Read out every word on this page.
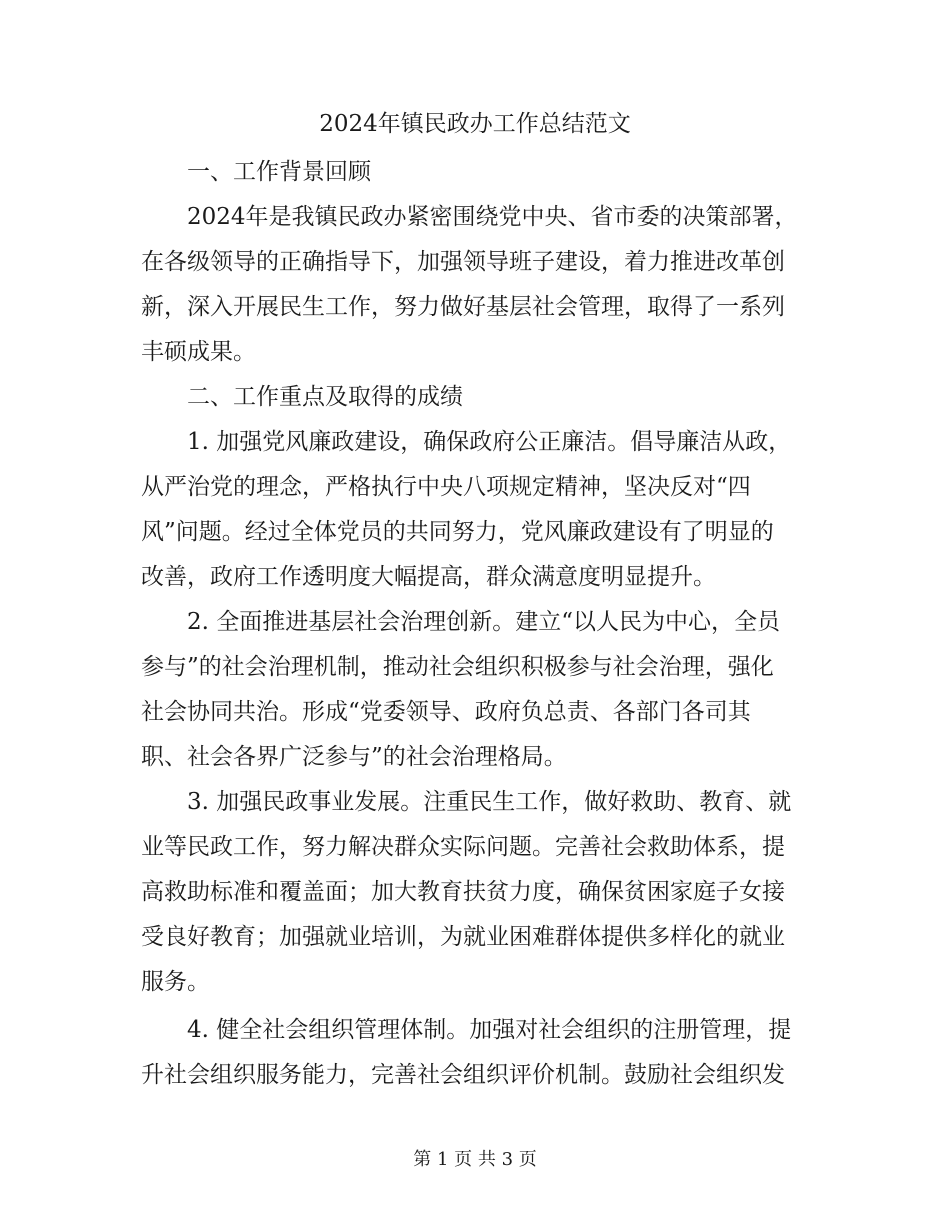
2024年镇民政办工作总结范文

一、工作背景回顾

2024年是我镇民政办紧密围绕党中央、省市委的决策部署，

在各级领导的正确指导下，加强领导班子建设，着力推进改革创

新，深入开展民生工作，努力做好基层社会管理，取得了一系列

丰硕成果。

二、工作重点及取得的成绩

1. 加强党风廉政建设，确保政府公正廉洁。倡导廉洁从政，

从严治党的理念，严格执行中央八项规定精神，坚决反对“四

风”问题。经过全体党员的共同努力，党风廉政建设有了明显的

改善，政府工作透明度大幅提高，群众满意度明显提升。

2. 全面推进基层社会治理创新。建立“以人民为中心，全员

参与”的社会治理机制，推动社会组织积极参与社会治理，强化

社会协同共治。形成“党委领导、政府负总责、各部门各司其

职、社会各界广泛参与”的社会治理格局。

3. 加强民政事业发展。注重民生工作，做好救助、教育、就

业等民政工作，努力解决群众实际问题。完善社会救助体系，提

高救助标准和覆盖面；加大教育扶贫力度，确保贫困家庭子女接

受良好教育；加强就业培训，为就业困难群体提供多样化的就业

服务。

4. 健全社会组织管理体制。加强对社会组织的注册管理，提

升社会组织服务能力，完善社会组织评价机制。鼓励社会组织发

第 1 页 共 3 页
